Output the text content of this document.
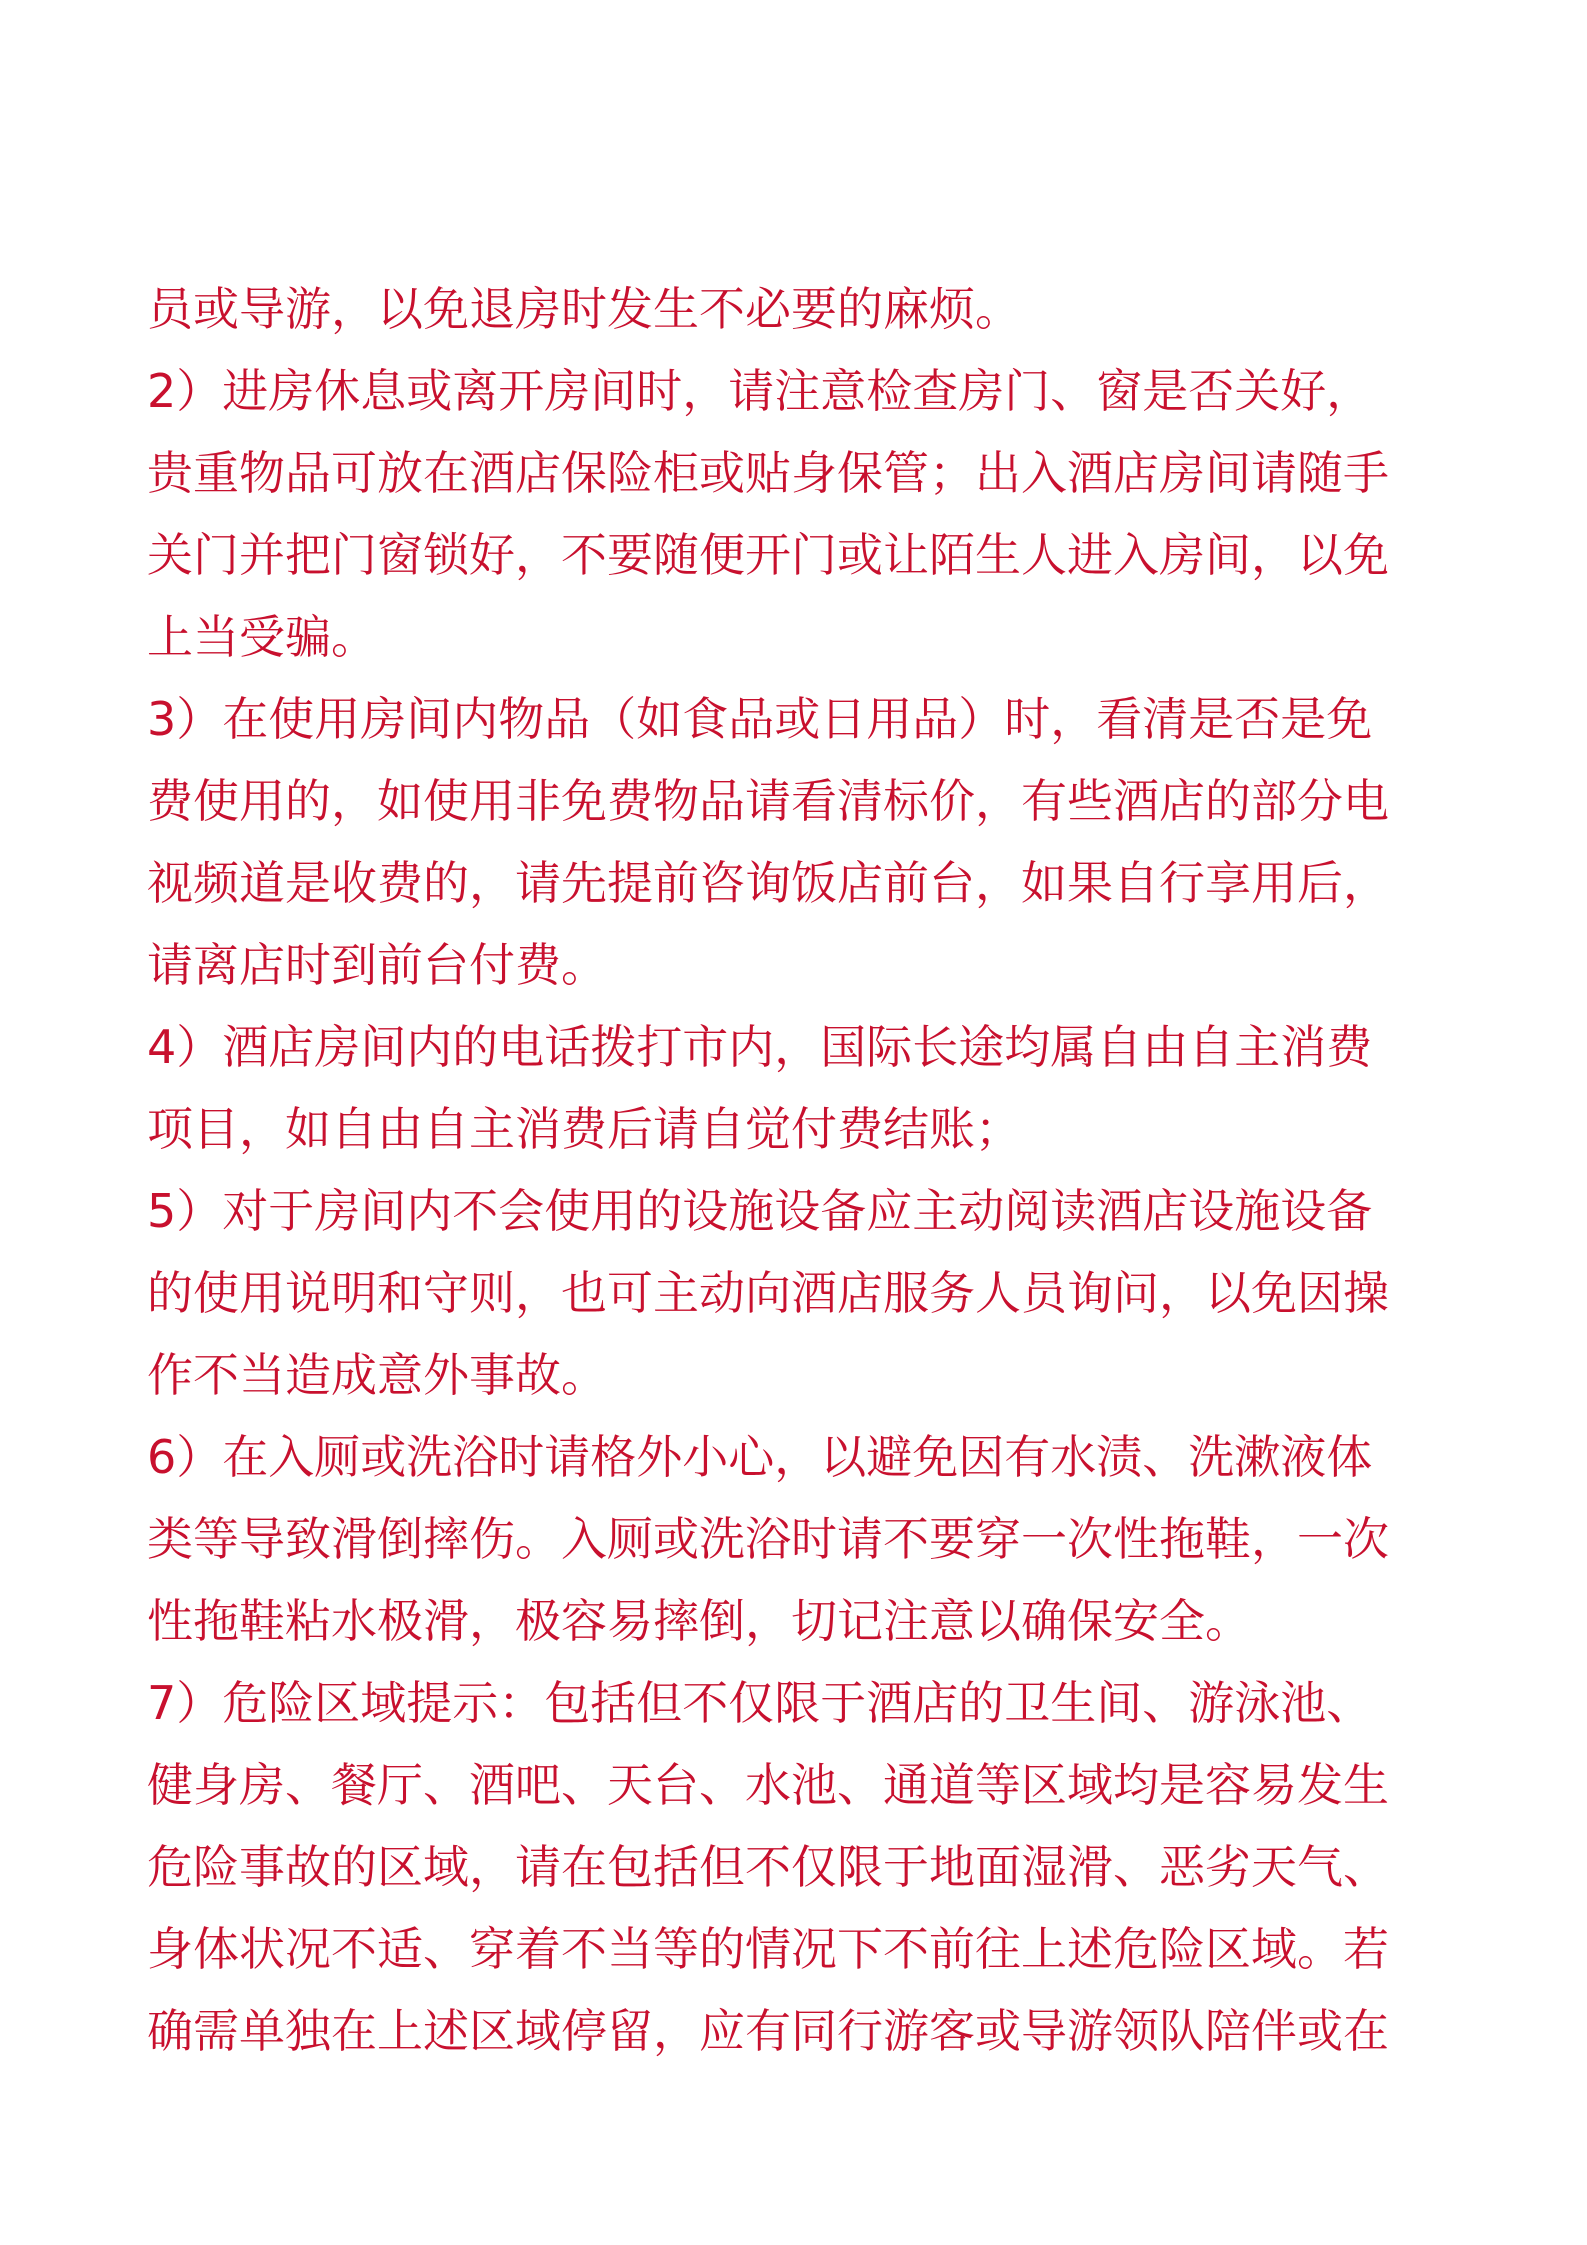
员或导游，以免退房时发生不必要的麻烦。
2）进房休息或离开房间时，请注意检查房门、窗是否关好，
贵重物品可放在酒店保险柜或贴身保管；出入酒店房间请随手
关门并把门窗锁好，不要随便开门或让陌生人进入房间，以免
上当受骗。
3）在使用房间内物品（如食品或日用品）时，看清是否是免
费使用的，如使用非免费物品请看清标价，有些酒店的部分电
视频道是收费的，请先提前咨询饭店前台，如果自行享用后，
请离店时到前台付费。
4）酒店房间内的电话拨打市内，国际长途均属自由自主消费
项目，如自由自主消费后请自觉付费结账；
5）对于房间内不会使用的设施设备应主动阅读酒店设施设备
的使用说明和守则，也可主动向酒店服务人员询问，以免因操
作不当造成意外事故。
6）在入厕或洗浴时请格外小心，以避免因有水渍、洗漱液体
类等导致滑倒摔伤。入厕或洗浴时请不要穿一次性拖鞋，一次
性拖鞋粘水极滑，极容易摔倒，切记注意以确保安全。
7）危险区域提示：包括但不仅限于酒店的卫生间、游泳池、
健身房、餐厅、酒吧、天台、水池、通道等区域均是容易发生
危险事故的区域，请在包括但不仅限于地面湿滑、恶劣天气、
身体状况不适、穿着不当等的情况下不前往上述危险区域。若
确需单独在上述区域停留，应有同行游客或导游领队陪伴或在
